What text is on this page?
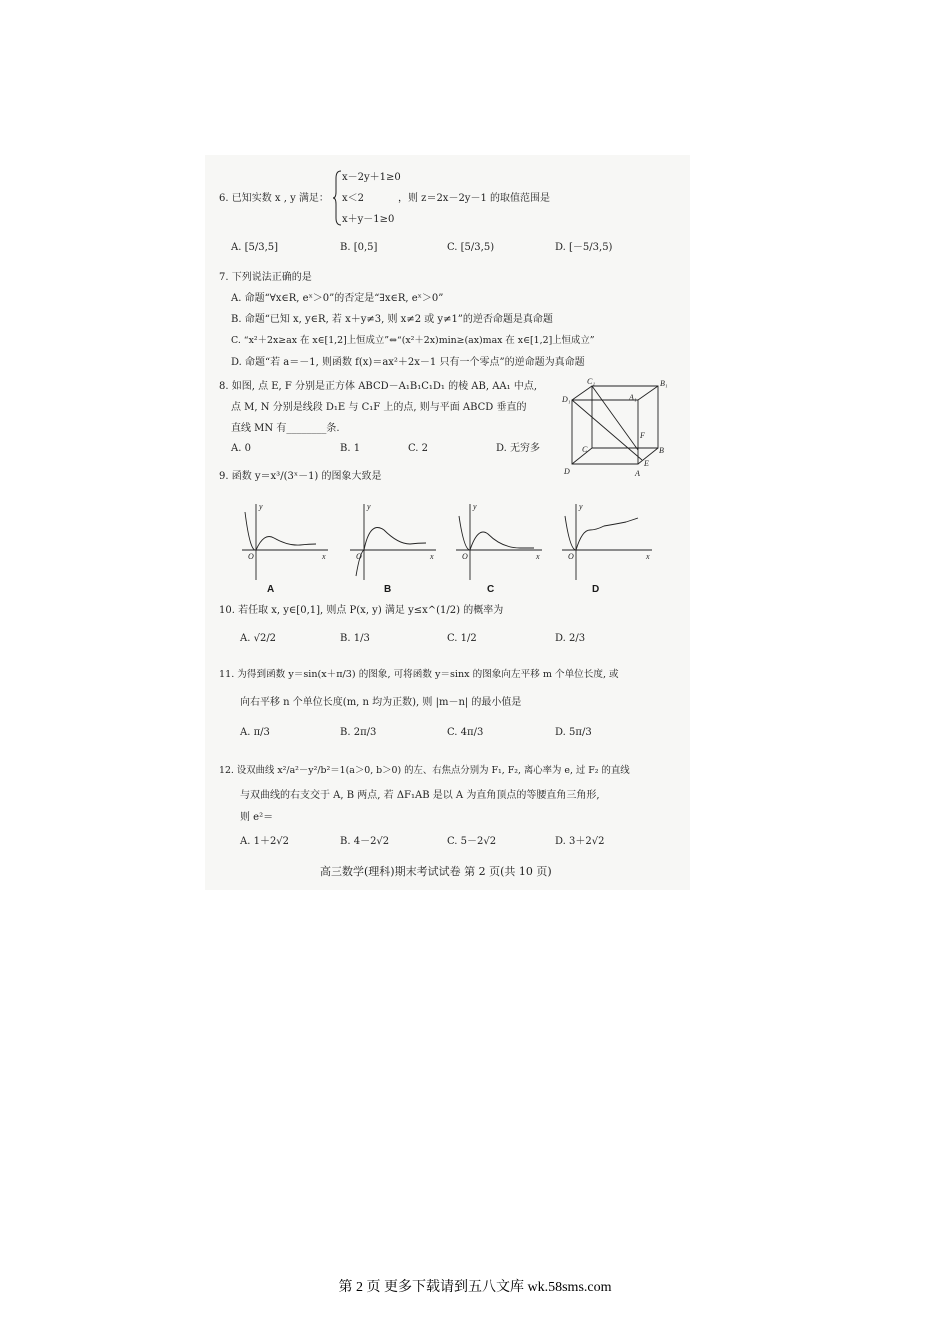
6. 已知实数 x , y 满足：
x－2y＋1≥0
x＜2
x＋y－1≥0
，则 z＝2x－2y－1 的取值范围是
A. [5/3,5]	B. [0,5]	C. [5/3,5)	D. [－5/3,5)
7. 下列说法正确的是
A. 命题“∀x∈R, eˣ＞0”的否定是“∃x∈R, eˣ＞0”
B. 命题“已知 x, y∈R, 若 x＋y≠3, 则 x≠2 或 y≠1”的逆否命题是真命题
C. “x²＋2x≥ax 在 x∈[1,2]上恒成立”⇔“(x²＋2x)min≥(ax)max 在 x∈[1,2]上恒成立”
D. 命题“若 a＝－1, 则函数 f(x)＝ax²＋2x－1 只有一个零点”的逆命题为真命题
8. 如图, 点 E, F 分别是正方体 ABCD－A₁B₁C₁D₁ 的棱 AB, AA₁ 中点,
点 M, N 分别是线段 D₁E 与 C₁F 上的点, 则与平面 ABCD 垂直的
直线 MN 有________条.
A. 0	B. 1	C. 2	D. 无穷多
C₁	B₁
D₁	A₁
F
C	B
D
E
A
9. 函数 y＝x³/(3ˣ－1) 的图象大致是
y
x
O
A
y
x
O
B
y
x
O
C
y
x
O
D
10. 若任取 x, y∈[0,1], 则点 P(x, y) 满足 y≤x^(1/2) 的概率为
A. √2/2	B. 1/3	C. 1/2	D. 2/3
11. 为得到函数 y＝sin(x＋π/3) 的图象, 可将函数 y＝sinx 的图象向左平移 m 个单位长度, 或
向右平移 n 个单位长度(m, n 均为正数), 则 |m－n| 的最小值是
A. π/3	B. 2π/3	C. 4π/3	D. 5π/3
12. 设双曲线 x²/a²－y²/b²＝1(a＞0, b＞0) 的左、右焦点分别为 F₁, F₂, 离心率为 e, 过 F₂ 的直线
与双曲线的右支交于 A, B 两点, 若 ΔF₁AB 是以 A 为直角顶点的等腰直角三角形,
则 e²＝
A. 1＋2√2	B. 4－2√2	C. 5－2√2	D. 3＋2√2
高三数学(理科)期末考试试卷 第 2 页(共 10 页)
第 2 页 更多下载请到五八文库 wk.58sms.com
